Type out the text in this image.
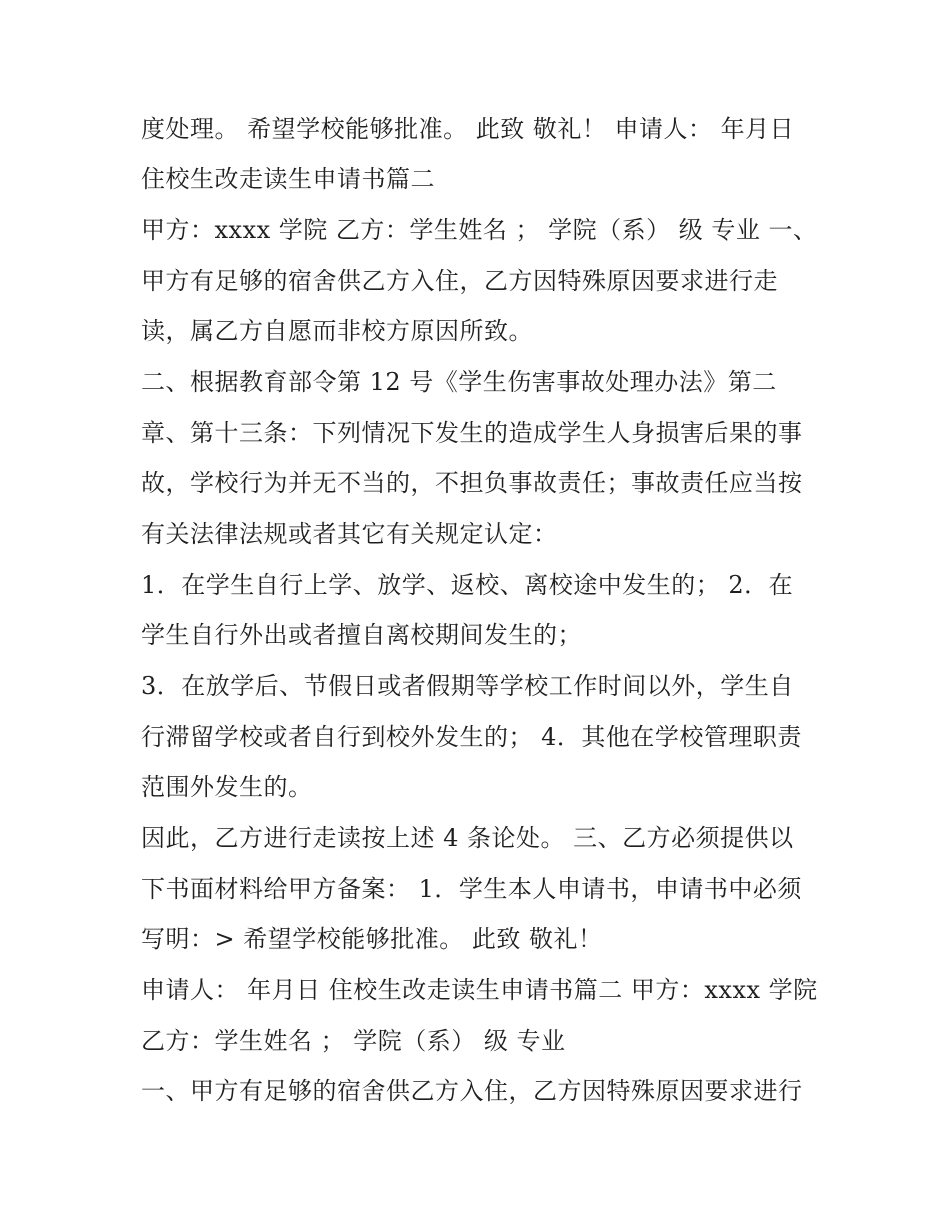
度处理。 希望学校能够批准。 此致 敬礼！ 申请人： 年月日

住校生改走读生申请书篇二

甲方：xxxx 学院 乙方：学生姓名 ； 学院（系） 级 专业 一、

甲方有足够的宿舍供乙方入住，乙方因特殊原因要求进行走

读，属乙方自愿而非校方原因所致。

二、根据教育部令第 12 号《学生伤害事故处理办法》第二

章、第十三条：下列情况下发生的造成学生人身损害后果的事

故，学校行为并无不当的，不担负事故责任；事故责任应当按

有关法律法规或者其它有关规定认定：

1．在学生自行上学、放学、返校、离校途中发生的； 2．在

学生自行外出或者擅自离校期间发生的；

3．在放学后、节假日或者假期等学校工作时间以外，学生自

行滞留学校或者自行到校外发生的； 4．其他在学校管理职责

范围外发生的。

因此，乙方进行走读按上述 4 条论处。 三、乙方必须提供以

下书面材料给甲方备案： 1．学生本人申请书，申请书中必须

写明：> 希望学校能够批准。 此致 敬礼！

申请人： 年月日 住校生改走读生申请书篇二 甲方：xxxx 学院

乙方：学生姓名 ； 学院（系） 级 专业

一、甲方有足够的宿舍供乙方入住，乙方因特殊原因要求进行
